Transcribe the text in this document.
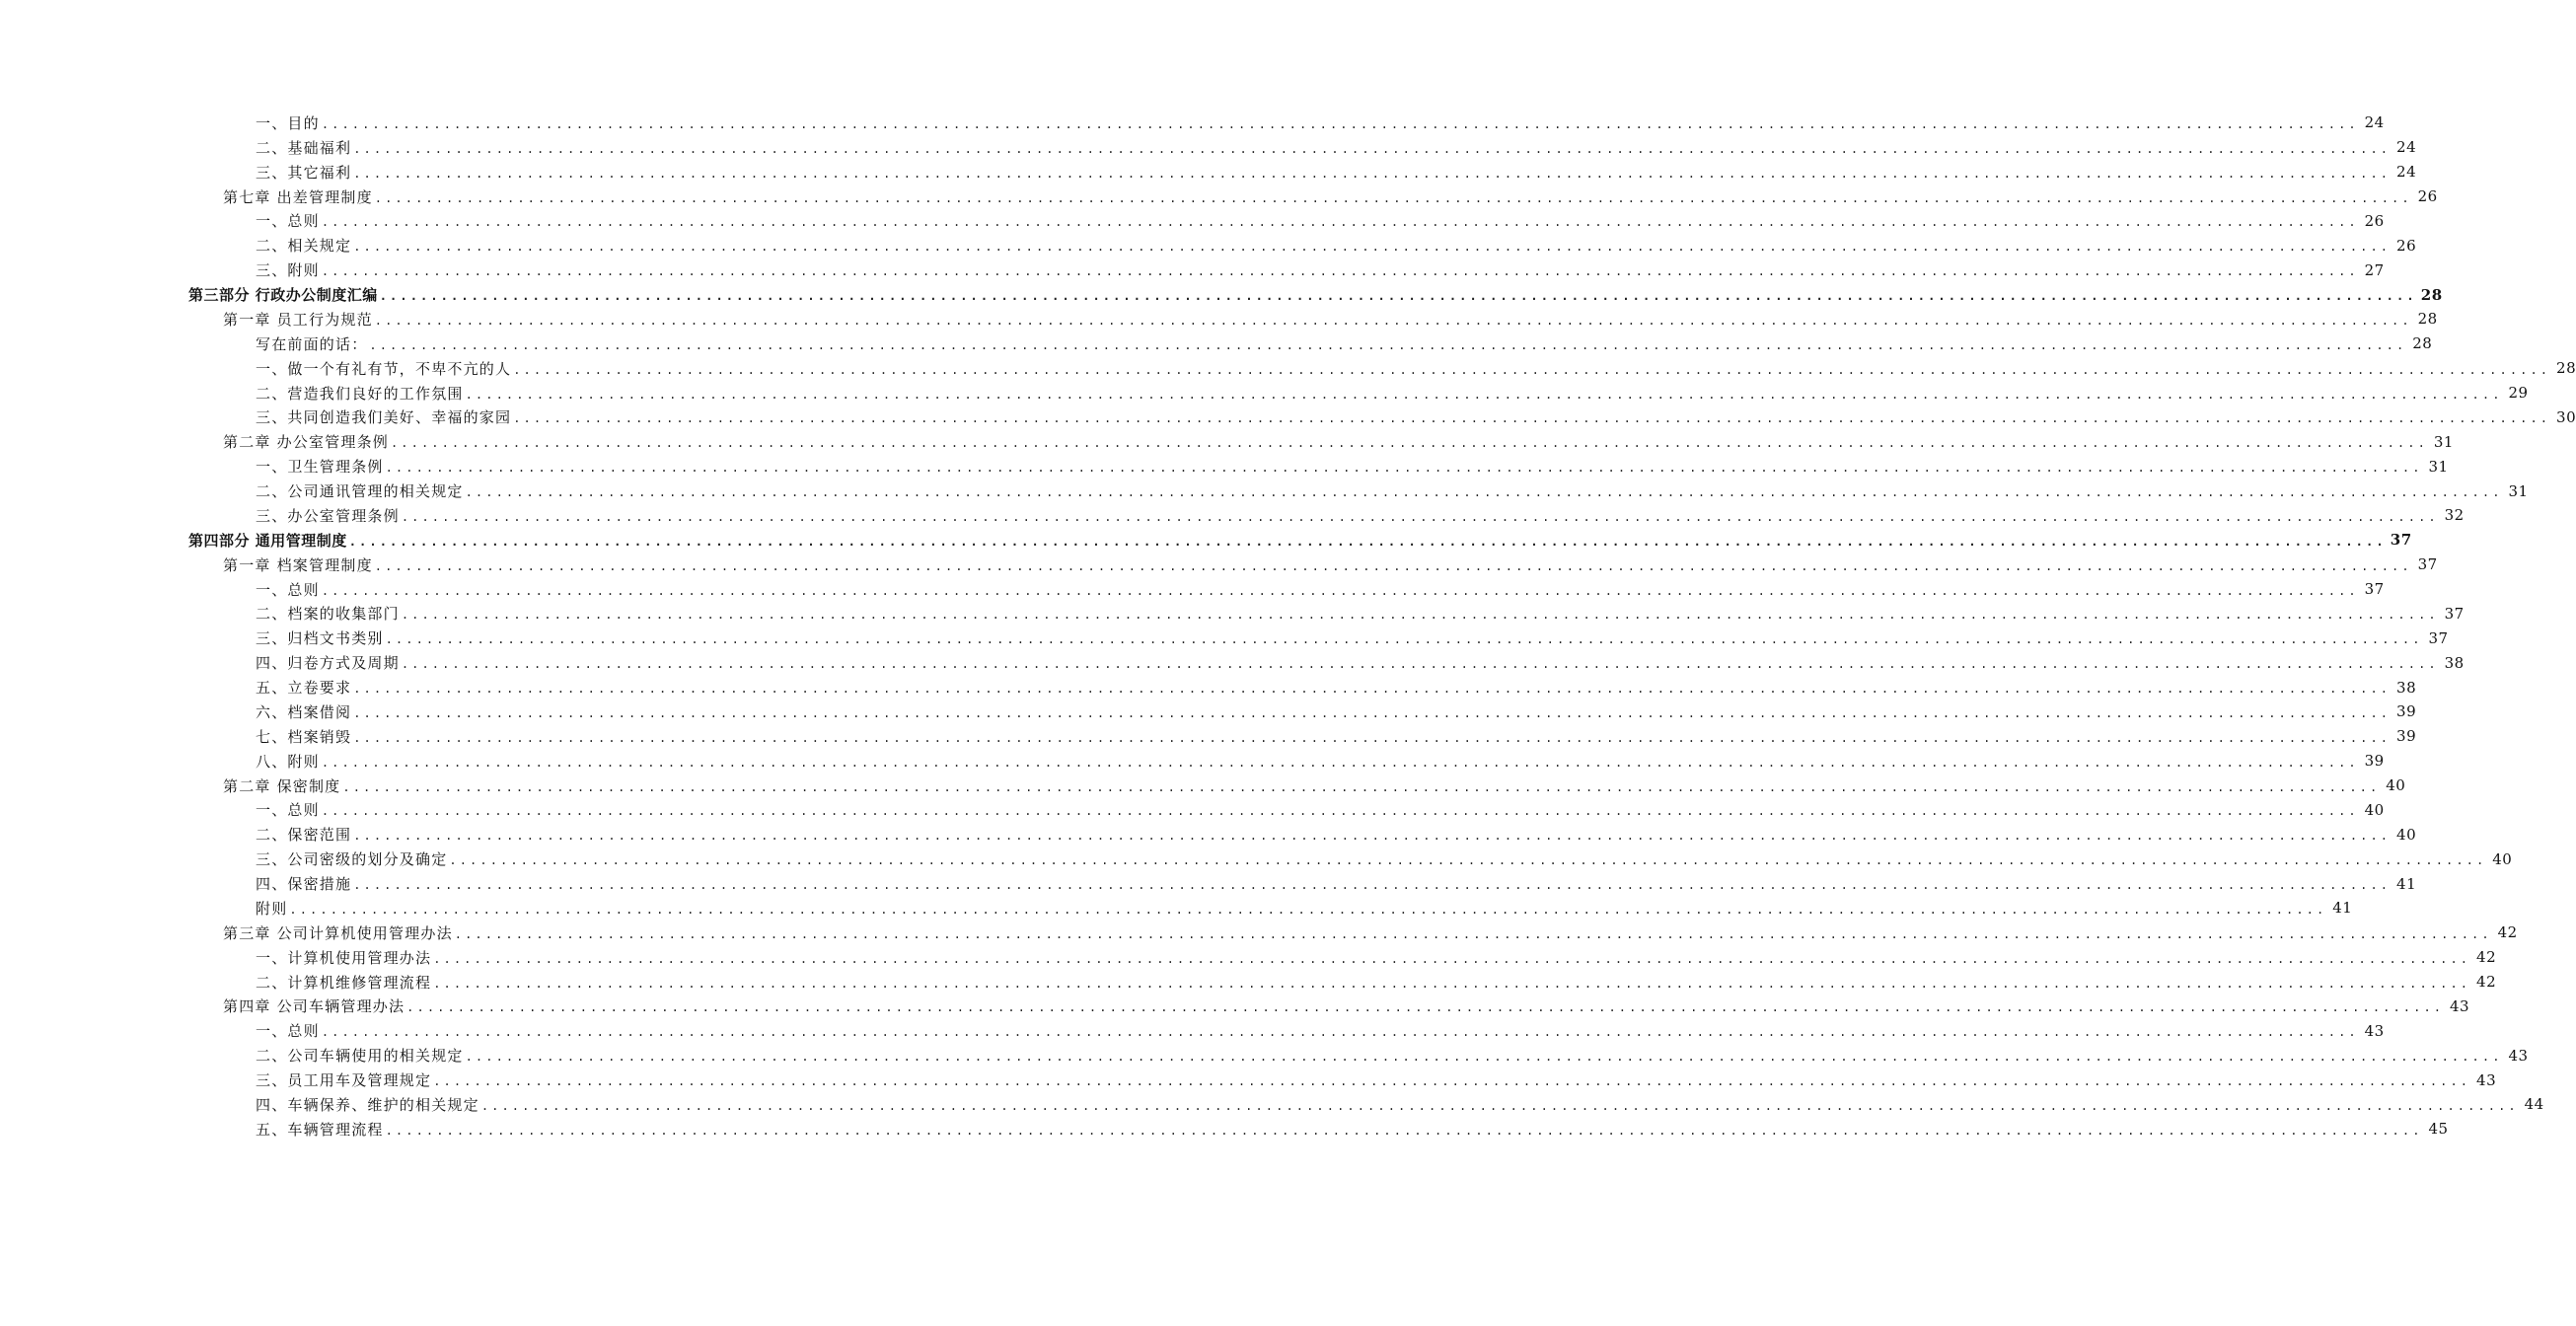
一、目的 ........................................................................................................................................................................................................ 24
二、基础福利 ........................................................................................................................................................................................................ 24
三、其它福利 ........................................................................................................................................................................................................ 24
第七章 出差管理制度 ........................................................................................................................................................................................................ 26
一、总则 ........................................................................................................................................................................................................ 26
二、相关规定 ........................................................................................................................................................................................................ 26
三、附则 ........................................................................................................................................................................................................ 27
第三部分 行政办公制度汇编 ........................................................................................................................................................................................................ 28
第一章 员工行为规范 ........................................................................................................................................................................................................ 28
写在前面的话： ........................................................................................................................................................................................................ 28
一、做一个有礼有节，不卑不亢的人 ........................................................................................................................................................................................................ 28
二、营造我们良好的工作氛围 ........................................................................................................................................................................................................ 29
三、共同创造我们美好、幸福的家园 ........................................................................................................................................................................................................ 30
第二章 办公室管理条例 ........................................................................................................................................................................................................ 31
一、卫生管理条例 ........................................................................................................................................................................................................ 31
二、公司通讯管理的相关规定 ........................................................................................................................................................................................................ 31
三、办公室管理条例 ........................................................................................................................................................................................................ 32
第四部分 通用管理制度 ........................................................................................................................................................................................................ 37
第一章 档案管理制度 ........................................................................................................................................................................................................ 37
一、总则 ........................................................................................................................................................................................................ 37
二、档案的收集部门 ........................................................................................................................................................................................................ 37
三、归档文书类别 ........................................................................................................................................................................................................ 37
四、归卷方式及周期 ........................................................................................................................................................................................................ 38
五、立卷要求 ........................................................................................................................................................................................................ 38
六、档案借阅 ........................................................................................................................................................................................................ 39
七、档案销毁 ........................................................................................................................................................................................................ 39
八、附则 ........................................................................................................................................................................................................ 39
第二章 保密制度 ........................................................................................................................................................................................................ 40
一、总则 ........................................................................................................................................................................................................ 40
二、保密范围 ........................................................................................................................................................................................................ 40
三、公司密级的划分及确定 ........................................................................................................................................................................................................ 40
四、保密措施 ........................................................................................................................................................................................................ 41
附则 ........................................................................................................................................................................................................ 41
第三章 公司计算机使用管理办法 ........................................................................................................................................................................................................ 42
一、计算机使用管理办法 ........................................................................................................................................................................................................ 42
二、计算机维修管理流程 ........................................................................................................................................................................................................ 42
第四章 公司车辆管理办法 ........................................................................................................................................................................................................ 43
一、总则 ........................................................................................................................................................................................................ 43
二、公司车辆使用的相关规定 ........................................................................................................................................................................................................ 43
三、员工用车及管理规定 ........................................................................................................................................................................................................ 43
四、车辆保养、维护的相关规定 ........................................................................................................................................................................................................ 44
五、车辆管理流程 ........................................................................................................................................................................................................ 45
